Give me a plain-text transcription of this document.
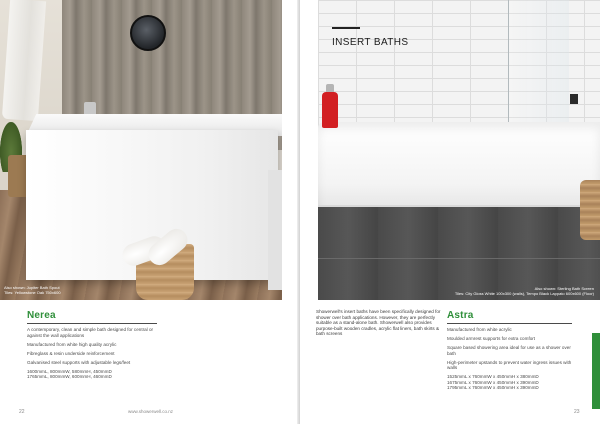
Also shown: Jupiter Bath Spout
Tiles: Yellowstone Oak 750x600
Nerea
A contemporary, clean and simple bath designed for central or against the wall applications
Manufactured from white high quality acrylic
Fibreglass & resin underside reinforcement
Galvanised steel supports with adjustable legs/feet
1600mmL, 800mmW, 580mmH, 450mmD
1765mmL, 800mmW, 600mmH, 460mmD

22	www.showerwell.co.nz

INSERT BATHS
Also shown: Sterling Bath Screen
Tiles: City Gloss White 100x300 (walls), Tempo Black Lappato 600x600 (Floor)

23

Showerwell's insert baths have been specifically designed for shower over bath applications. However, they are perfectly suitable as a stand-alone bath. Showerwell also provides purpose-built wooden cradles, acrylic flat liners, bath skirts & bath screens

Astra
Manufactured from white acrylic
Moulded armrest supports for extra comfort
Square based showering area ideal for use as a shower over bath
High-perimeter upstands to prevent water ingress issues with walls
1525mmL x 760mmW x 450mmH x 380mmD
1675mmL x 760mmW x 450mmH x 390mmD
1795mmL x 760mmW x 450mmH x 390mmD
